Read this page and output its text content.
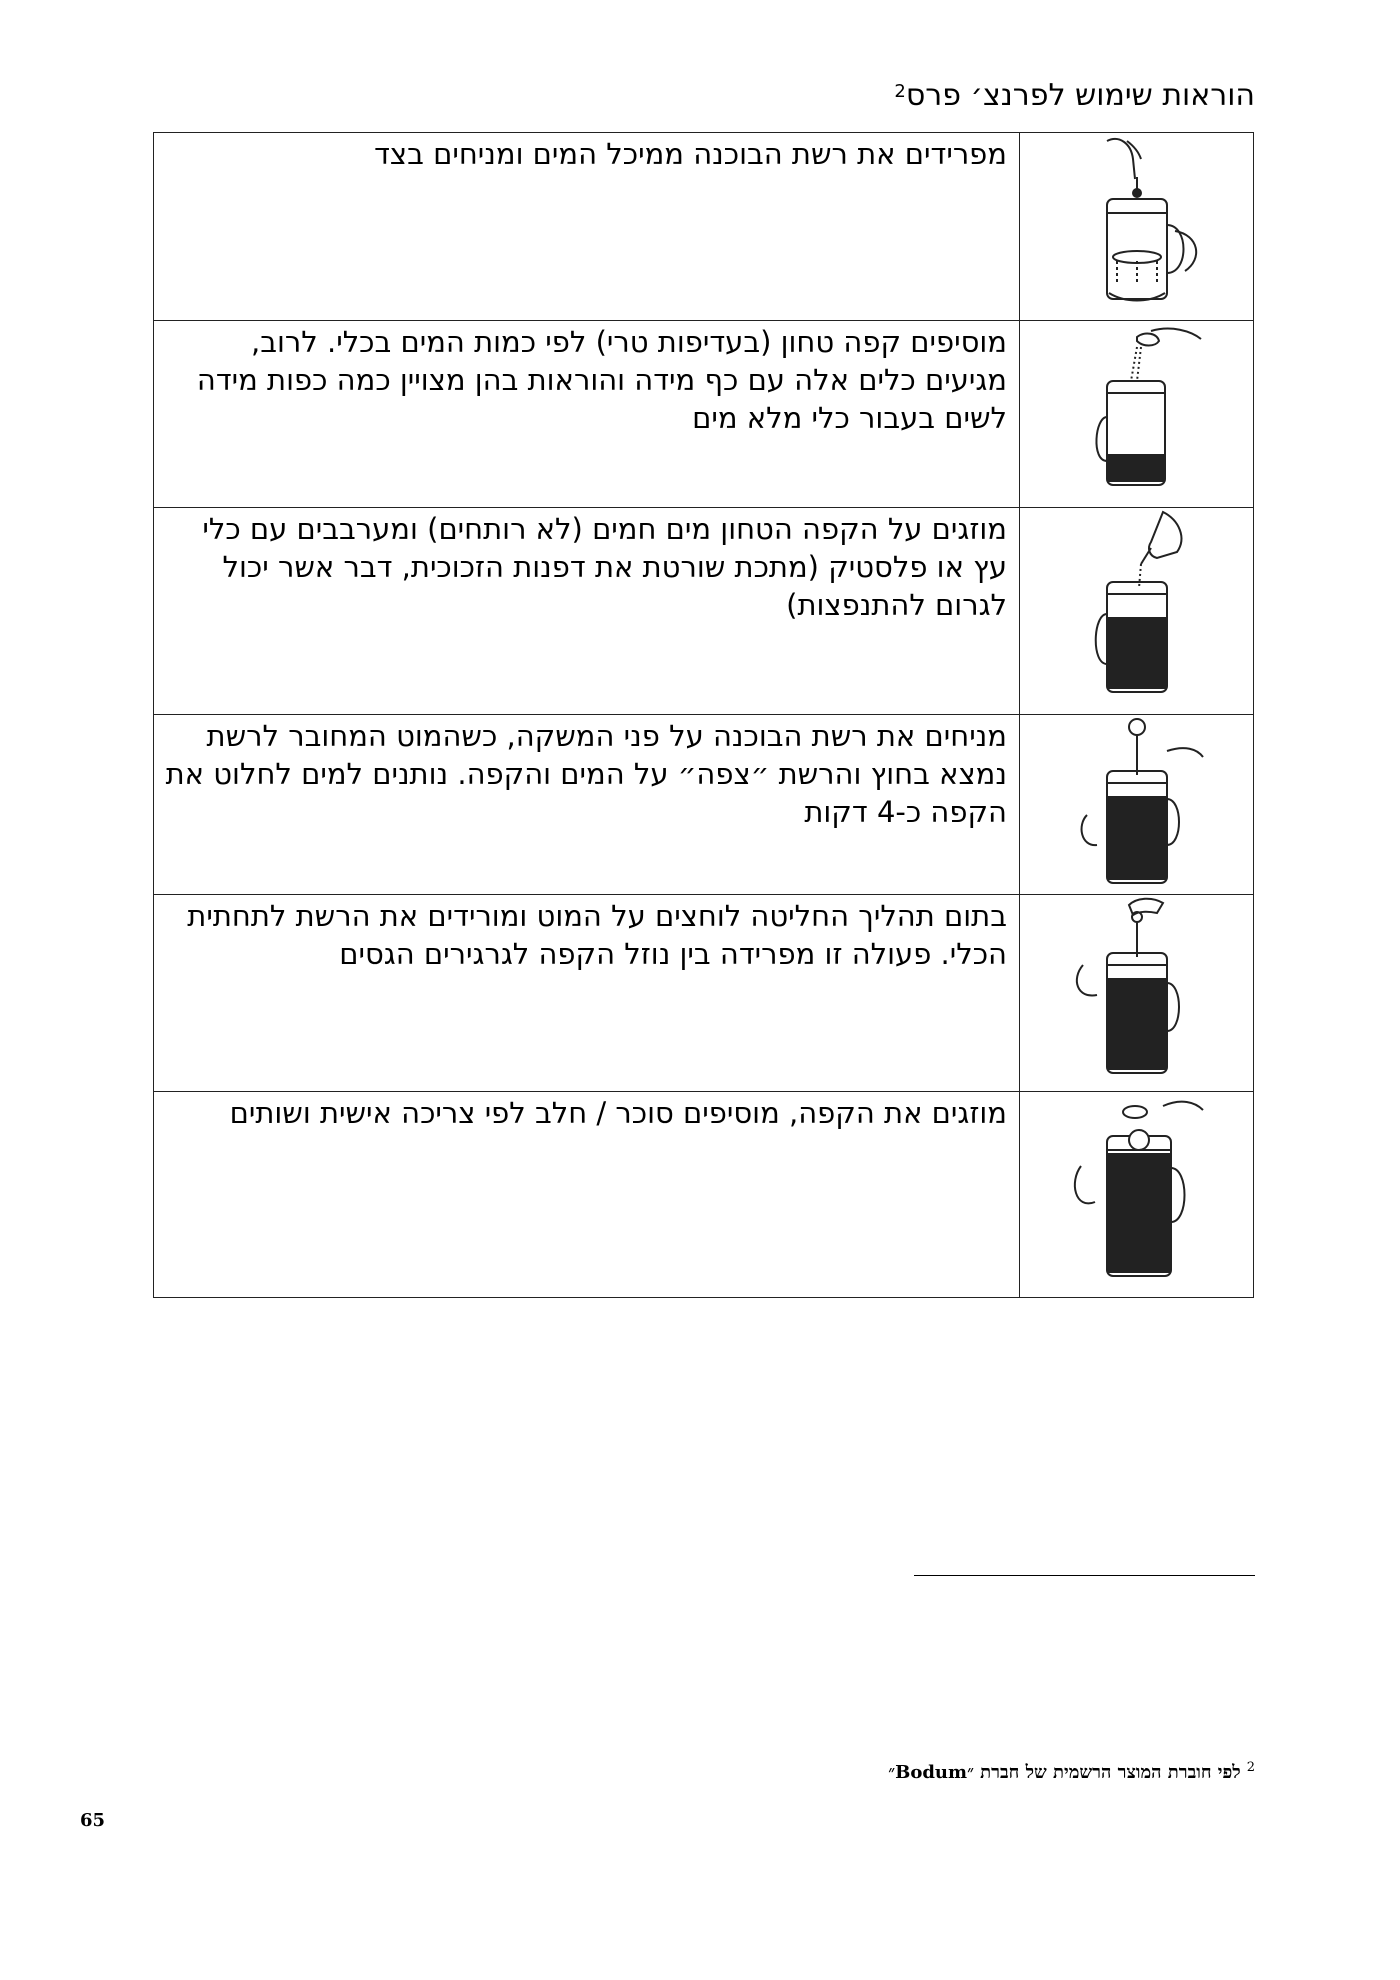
הוראות שימוש לפרנצ׳ פרס$^2$
	מפרידים את רשת הבוכנה ממיכל המים ומניחים בצד

	מוסיפים קפה טחון (בעדיפות טרי) לפי כמות המים בכלי. לרוב, מגיעים כלים אלה עם כף מידה והוראות בהן מצויין כמה כפות מידה לשים בעבור כלי מלא מים

	מוזגים על הקפה הטחון מים חמים (לא רותחים) ומערבבים עם כלי עץ או פלסטיק (מתכת שורטת את דפנות הזכוכית, דבר אשר יכול לגרום להתנפצות)

	מניחים את רשת הבוכנה על פני המשקה, כשהמוט המחובר לרשת נמצא בחוץ והרשת ״צפה״ על המים והקפה. נותנים למים לחלוט את הקפה כ-4 דקות

	בתום תהליך החליטה לוחצים על המוט ומורידים את הרשת לתחתית הכלי. פעולה זו מפרידה בין נוזל הקפה לגרגירים הגסים

	מוזגים את הקפה, מוסיפים סוכר / חלב לפי צריכה אישית ושותים
$^2$לפי חוברת המוצר הרשמית של חברת ״Bodum״
65
